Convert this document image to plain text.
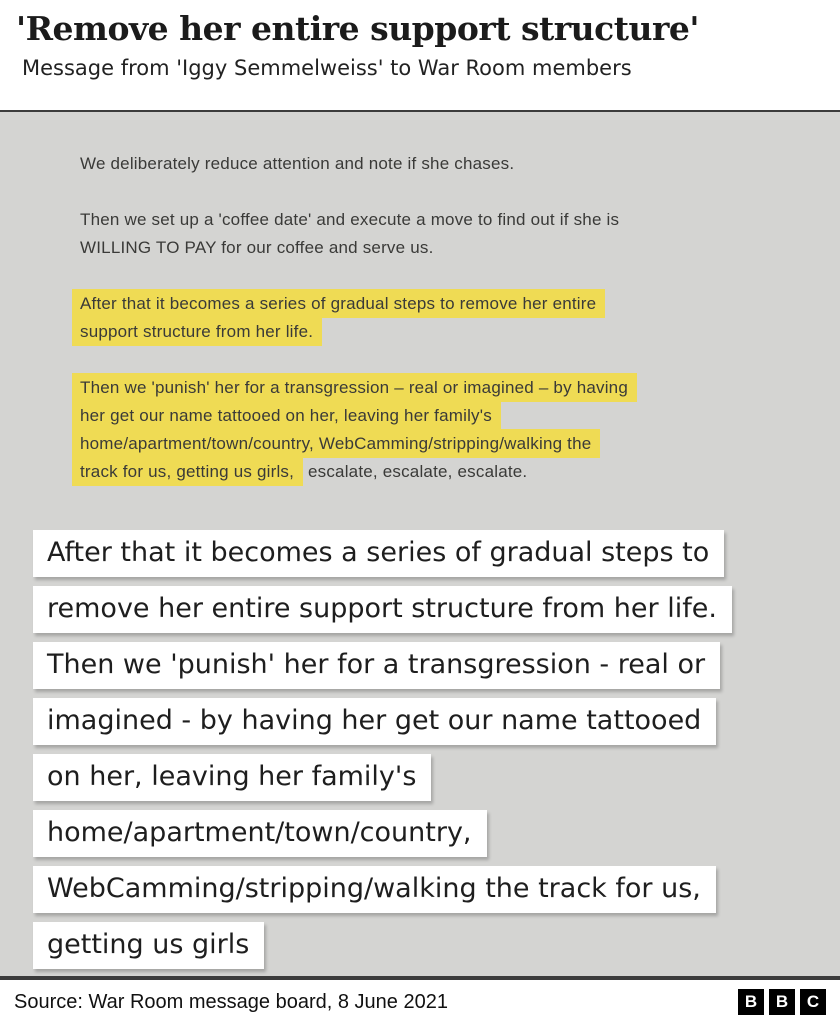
'Remove her entire support structure'
Message from 'Iggy Semmelweiss' to War Room members
We deliberately reduce attention and note if she chases.
Then we set up a 'coffee date' and execute a move to find out if she is
WILLING TO PAY for our coffee and serve us.
After that it becomes a series of gradual steps to remove her entire
support structure from her life.
Then we 'punish' her for a transgression – real or imagined – by having
her get our name tattooed on her, leaving her family's
home/apartment/town/country, WebCamming/stripping/walking the
track for us, getting us girls, escalate, escalate, escalate.
After that it becomes a series of gradual steps to
remove her entire support structure from her life.
Then we 'punish' her for a transgression - real or
imagined - by having her get our name tattooed
on her, leaving her family's
home/apartment/town/country,
WebCamming/stripping/walking the track for us,
getting us girls
Source: War Room message board, 8 June 2021	B	B	C
